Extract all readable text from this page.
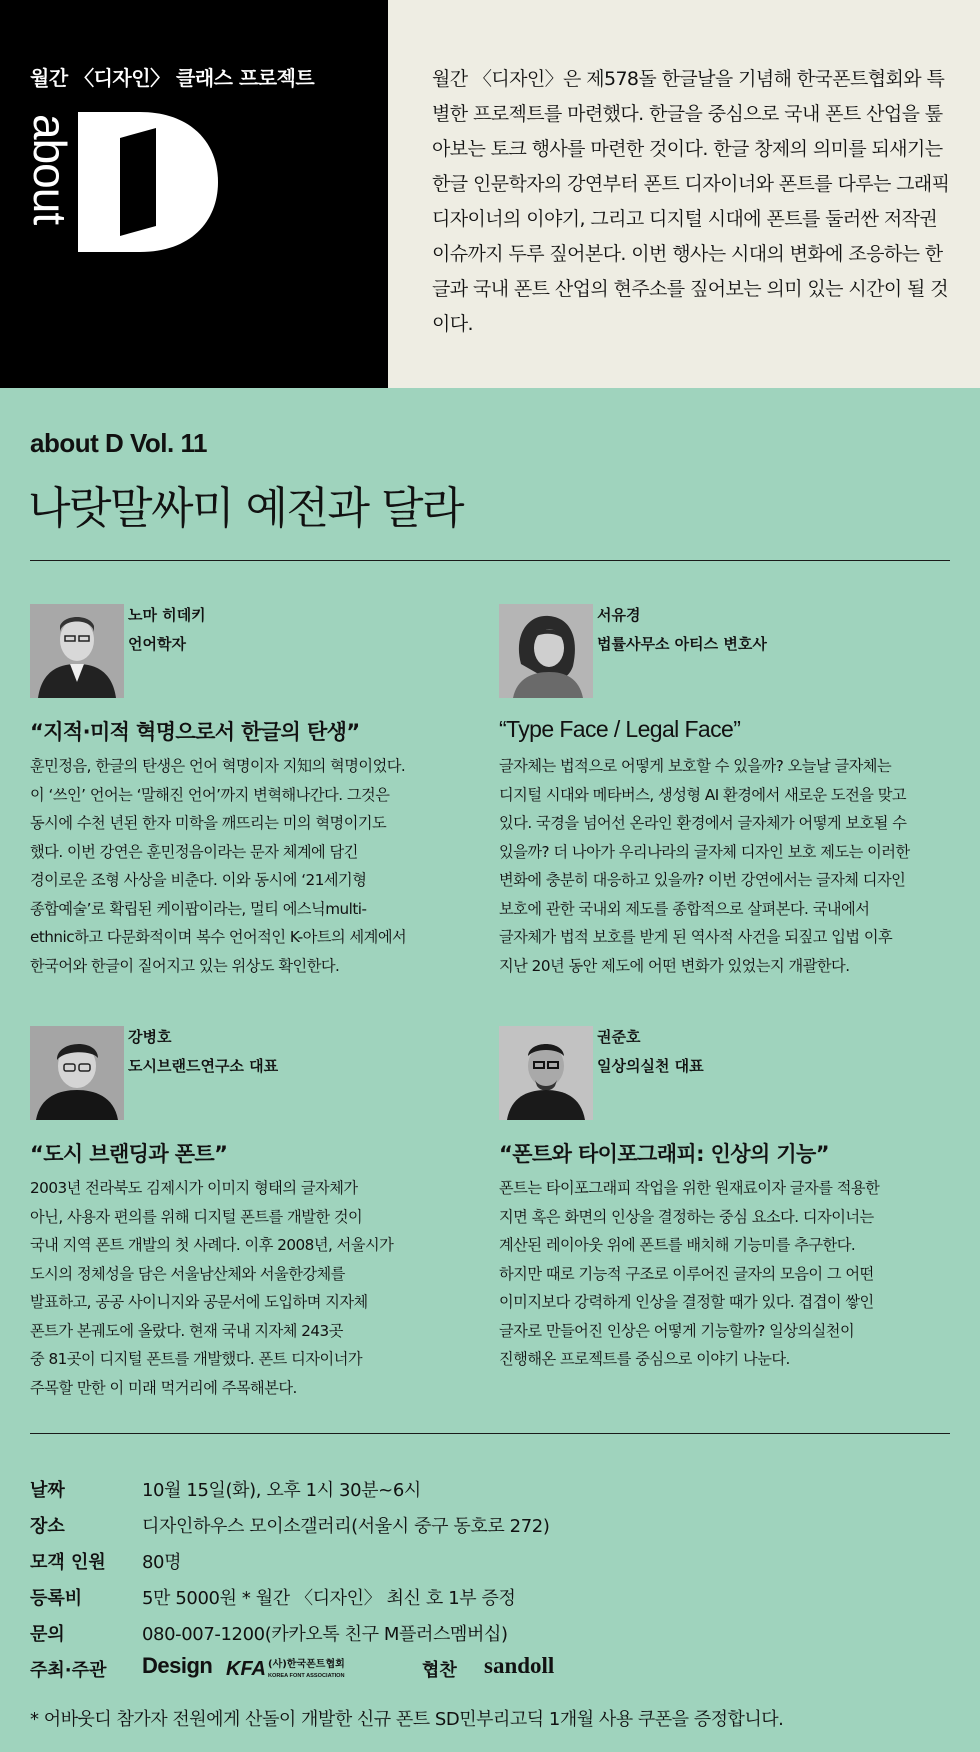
월간 〈디자인〉 클래스 프로젝트
about
월간 〈디자인〉은 제578돌 한글날을 기념해 한국폰트협회와 특별한 프로젝트를 마련했다. 한글을 중심으로 국내 폰트 산업을 톺아보는 토크 행사를 마련한 것이다. 한글 창제의 의미를 되새기는 한글 인문학자의 강연부터 폰트 디자이너와 폰트를 다루는 그래픽 디자이너의 이야기, 그리고 디지털 시대에 폰트를 둘러싼 저작권 이슈까지 두루 짚어본다. 이번 행사는 시대의 변화에 조응하는 한글과 국내 폰트 산업의 현주소를 짚어보는 의미 있는 시간이 될 것이다.
about D Vol. 11
나랏말싸미 예전과 달라
노마 히데키
언어학자
“지적·미적 혁명으로서 한글의 탄생”
훈민정음, 한글의 탄생은 언어 혁명이자 지知의 혁명이었다.
이 ‘쓰인’ 언어는 ‘말해진 언어’까지 변혁해나간다. 그것은
동시에 수천 년된 한자 미학을 깨뜨리는 미의 혁명이기도
했다. 이번 강연은 훈민정음이라는 문자 체계에 담긴
경이로운 조형 사상을 비춘다. 이와 동시에 ‘21세기형
종합예술’로 확립된 케이팝이라는, 멀티 에스닉multi-
ethnic하고 다문화적이며 복수 언어적인 K-아트의 세계에서
한국어와 한글이 짙어지고 있는 위상도 확인한다.
서유경
법률사무소 아티스 변호사
“Type Face / Legal Face”
글자체는 법적으로 어떻게 보호할 수 있을까? 오늘날 글자체는
디지털 시대와 메타버스, 생성형 AI 환경에서 새로운 도전을 맞고
있다. 국경을 넘어선 온라인 환경에서 글자체가 어떻게 보호될 수
있을까? 더 나아가 우리나라의 글자체 디자인 보호 제도는 이러한
변화에 충분히 대응하고 있을까? 이번 강연에서는 글자체 디자인
보호에 관한 국내외 제도를 종합적으로 살펴본다. 국내에서
글자체가 법적 보호를 받게 된 역사적 사건을 되짚고 입법 이후
지난 20년 동안 제도에 어떤 변화가 있었는지 개괄한다.
강병호
도시브랜드연구소 대표
“도시 브랜딩과 폰트”
2003년 전라북도 김제시가 이미지 형태의 글자체가
아닌, 사용자 편의를 위해 디지털 폰트를 개발한 것이
국내 지역 폰트 개발의 첫 사례다. 이후 2008년, 서울시가
도시의 정체성을 담은 서울남산체와 서울한강체를
발표하고, 공공 사이니지와 공문서에 도입하며 지자체
폰트가 본궤도에 올랐다. 현재 국내 지자체 243곳
중 81곳이 디지털 폰트를 개발했다. 폰트 디자이너가
주목할 만한 이 미래 먹거리에 주목해본다.
권준호
일상의실천 대표
“폰트와 타이포그래피: 인상의 기능”
폰트는 타이포그래피 작업을 위한 원재료이자 글자를 적용한
지면 혹은 화면의 인상을 결정하는 중심 요소다. 디자이너는
계산된 레이아웃 위에 폰트를 배치해 기능미를 추구한다.
하지만 때로 기능적 구조로 이루어진 글자의 모음이 그 어떤
이미지보다 강력하게 인상을 결정할 때가 있다. 겹겹이 쌓인
글자로 만들어진 인상은 어떻게 기능할까? 일상의실천이
진행해온 프로젝트를 중심으로 이야기 나눈다.
날짜	10월 15일(화), 오후 1시 30분~6시
장소	디자인하우스 모이소갤러리(서울시 중구 동호로 272)
모객 인원 80명
등록비	5만 5000원 * 월간 〈디자인〉 최신 호 1부 증정
문의	080-007-1200(카카오톡 친구 M플러스멤버십)
주최·주관 Design KFA (사)한국폰트협회
KOREA FONT ASSOCIATION	협찬 sandoll
* 어바웃디 참가자 전원에게 산돌이 개발한 신규 폰트 SD민부리고딕 1개월 사용 쿠폰을 증정합니다.
